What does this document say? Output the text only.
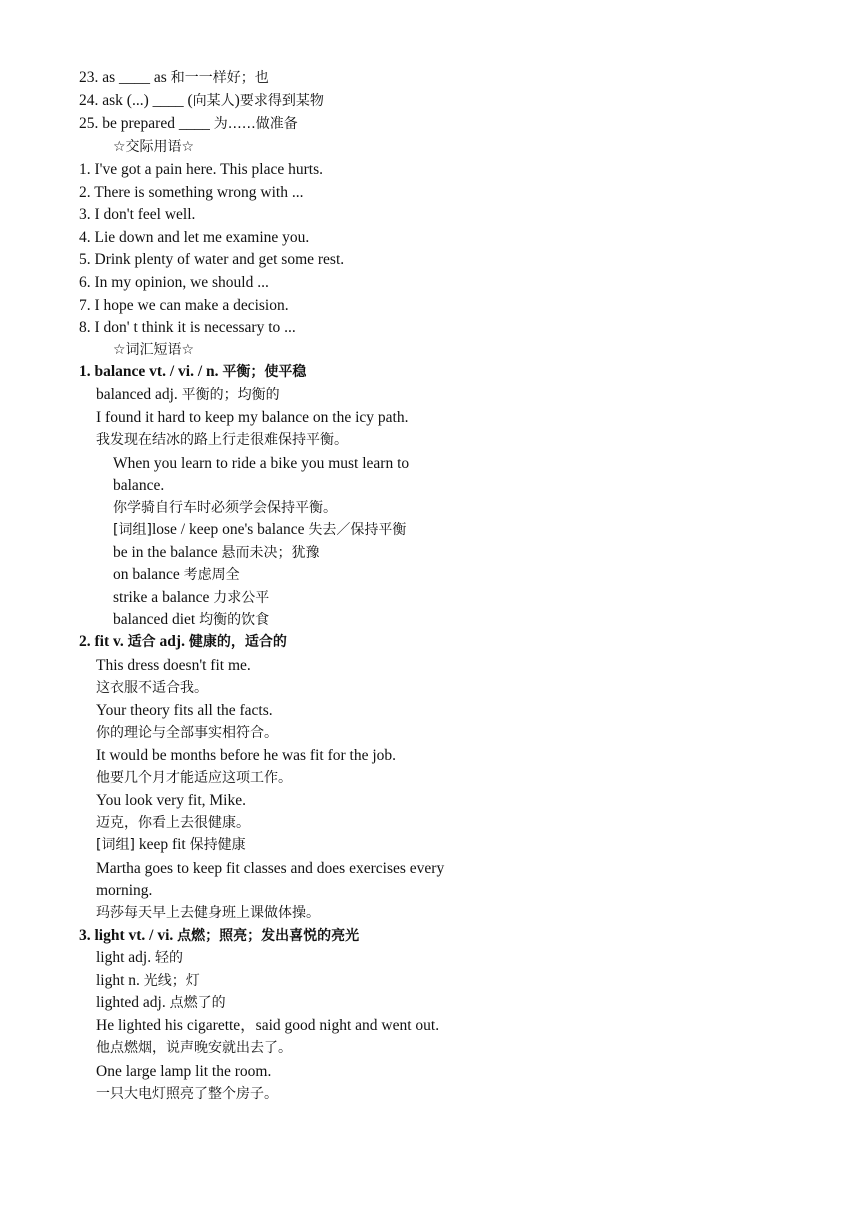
23. as ____ as 和一一样好；也
24. ask (...) ____ (向某人)要求得到某物
25. be prepared ____ 为……做准备
☆交际用语☆
1. I've got a pain here. This place hurts.
2. There is something wrong with ...
3. I don't feel well.
4. Lie down and let me examine you.
5. Drink plenty of water and get some rest.
6. In my opinion, we should ...
7. I hope we can make a decision.
8. I don' t think it is necessary to ...
☆词汇短语☆
1. balance vt. / vi. / n. 平衡；使平稳
balanced adj. 平衡的；均衡的
I found it hard to keep my balance on the icy path.
我发现在结冰的路上行走很难保持平衡。
When you learn to ride a bike you must learn to
balance.
你学骑自行车时必须学会保持平衡。
[词组]lose / keep one's balance 失去／保持平衡
be in the balance 悬而未决；犹豫
on balance 考虑周全
strike a balance 力求公平
balanced diet 均衡的饮食
2. fit v. 适合 adj. 健康的，适合的
This dress doesn't fit me.
这衣服不适合我。
Your theory fits all the facts.
你的理论与全部事实相符合。
It would be months before he was fit for the job.
他要几个月才能适应这项工作。
You look very fit, Mike.
迈克，你看上去很健康。
[词组] keep fit 保持健康
Martha goes to keep fit classes and does exercises every
morning.
玛莎每天早上去健身班上课做体操。
3. light vt. / vi. 点燃；照亮；发出喜悦的亮光
light adj. 轻的
light n. 光线；灯
lighted adj. 点燃了的
He lighted his cigarette，said good night and went out.
他点燃烟，说声晚安就出去了。
One large lamp lit the room.
一只大电灯照亮了整个房子。
